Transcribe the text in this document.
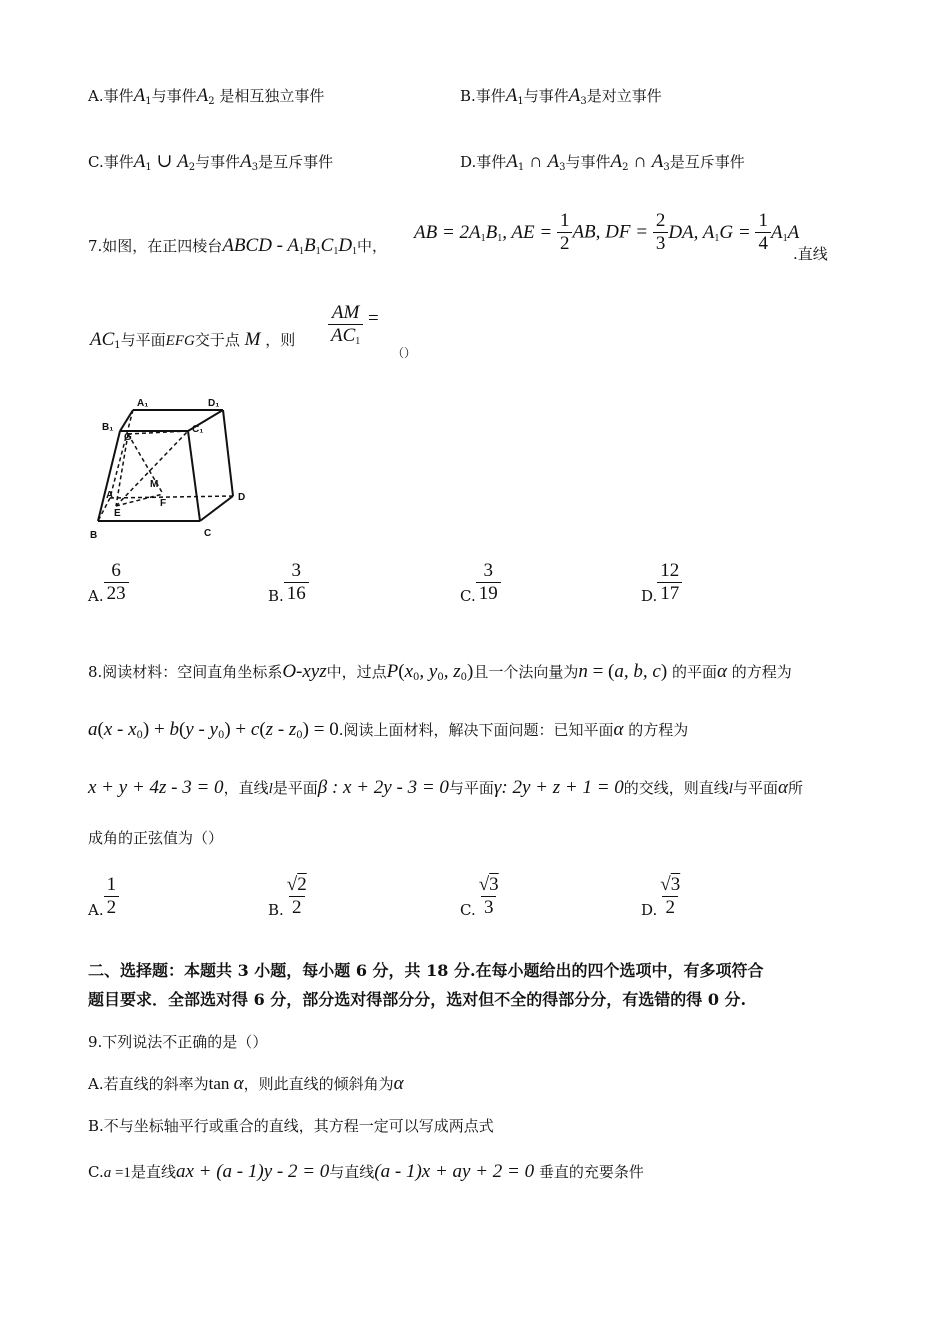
A.事件$A_1$与事件$A_2$ 是相互独立事件	B.事件$A_1$与事件$A_3$是对立事件
C.事件$A_1$ ∪ $A_2$与事件$A_3$是互斥事件	D.事件$A_1$ ∩ $A_3$与事件$A_2$ ∩ $A_3$是互斥事件
7.如图，在正四棱台ABCD - $A_1B_1C_1D_1$中，
AB = $2A_1B_1$, AE = $\frac{1}{2}$ AB, DF = $\frac{2}{3}$ DA, $A_1G = \frac{1}{4} A_1A$
.直线
$AC_1$与平面EFG交于点 M ，则 $\frac{AM}{AC_1}$ =
（）
A₁	D₁
B₁	C₁
G
M
A
E
F
D
B	C
A. $\frac{6}{23}$	B. $\frac{3}{16}$	C. $\frac{3}{19}$	D. $\frac{12}{17}$
8.阅读材料：空间直角坐标系O-xyz中，过点$P(x_0$, $y_0$, $z_0$)且一个法向量为n = (a, b, c) 的平面α 的方程为
$a(x - x_0) + b(y - y_0) + c(z - z_0) = 0$.阅读上面材料，解决下面问题：已知平面α 的方程为
x + y + 4z - 3 = 0，直线l是平面β : x + 2y - 3 = 0与平面γ: 2y + z + 1 = 0的交线，则直线l与平面α所
成角的正弦值为（）
A. $\frac{1}{2}$	B. $\frac{√2}{2}$	C. $\frac{√3}{3}$	D. $\frac{√3}{2}$
二、选择题：本题共 3 小题，每小题 6 分，共 18 分.在每小题给出的四个选项中，有多项符合
题目要求．全部选对得 6 分，部分选对得部分分，选对但不全的得部分分，有选错的得 0 分.
9.下列说法不正确的是（）
A.若直线的斜率为tan α，则此直线的倾斜角为α
B.不与坐标轴平行或重合的直线，其方程一定可以写成两点式
C.a =1是直线ax + (a - 1)y - 2 = 0与直线(a - 1)x + ay + 2 = 0 垂直的充要条件
